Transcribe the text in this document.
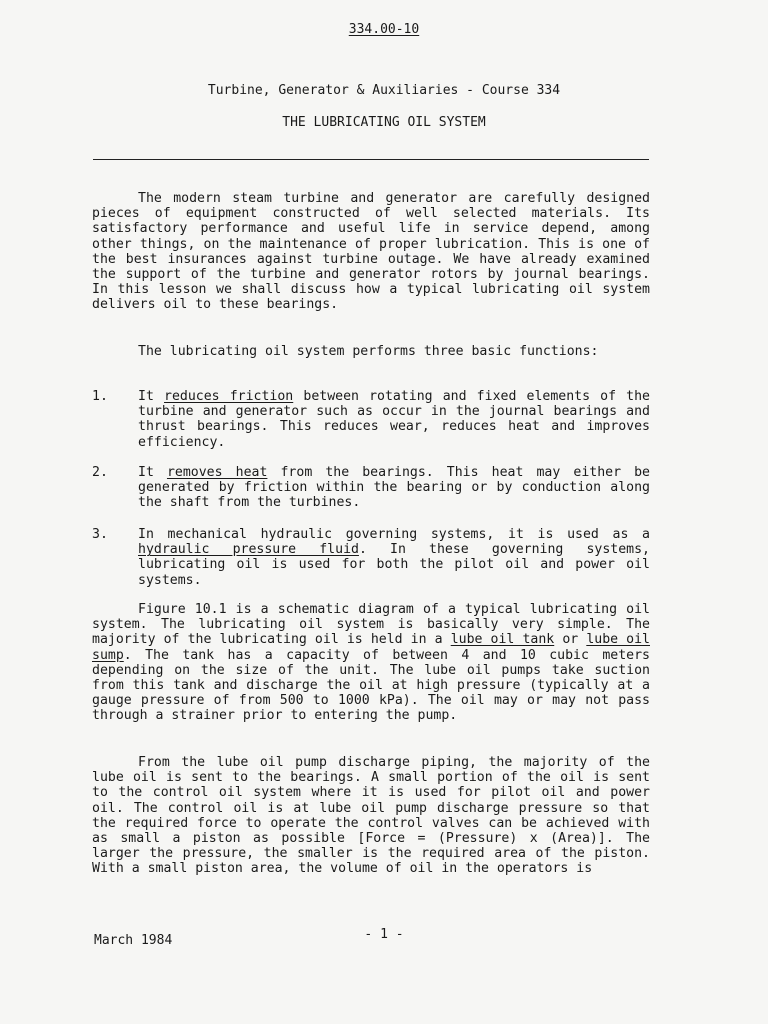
334.00-10
Turbine, Generator & Auxiliaries - Course 334
THE LUBRICATING OIL SYSTEM

The modern steam turbine and generator are carefully designed pieces of equipment constructed of well selected materials. Its satisfactory performance and useful life in service depend, among other things, on the maintenance of proper lubrication. This is one of the best insurances against turbine outage. We have already examined the support of the turbine and generator rotors by journal bearings. In this lesson we shall discuss how a typical lubricating oil system delivers oil to these bearings.

The lubricating oil system performs three basic functions:

1. It reduces friction between rotating and fixed elements of the turbine and generator such as occur in the journal bearings and thrust bearings. This reduces wear, reduces heat and improves efficiency.
2. It removes heat from the bearings. This heat may either be generated by friction within the bearing or by conduction along the shaft from the turbines.
3. In mechanical hydraulic governing systems, it is used as a hydraulic pressure fluid. In these governing systems, lubricating oil is used for both the pilot oil and power oil systems.

Figure 10.1 is a schematic diagram of a typical lubricating oil system. The lubricating oil system is basically very simple. The majority of the lubricating oil is held in a lube oil tank or lube oil sump. The tank has a capacity of between 4 and 10 cubic meters depending on the size of the unit. The lube oil pumps take suction from this tank and discharge the oil at high pressure (typically at a gauge pressure of from 500 to 1000 kPa). The oil may or may not pass through a strainer prior to entering the pump.

From the lube oil pump discharge piping, the majority of the lube oil is sent to the bearings. A small portion of the oil is sent to the control oil system where it is used for pilot oil and power oil. The control oil is at lube oil pump discharge pressure so that the required force to operate the control valves can be achieved with as small a piston as possible [Force = (Pressure) x (Area)]. The larger the pressure, the smaller is the required area of the piston. With a small piston area, the volume of oil in the operators is

March 1984	- 1 -
